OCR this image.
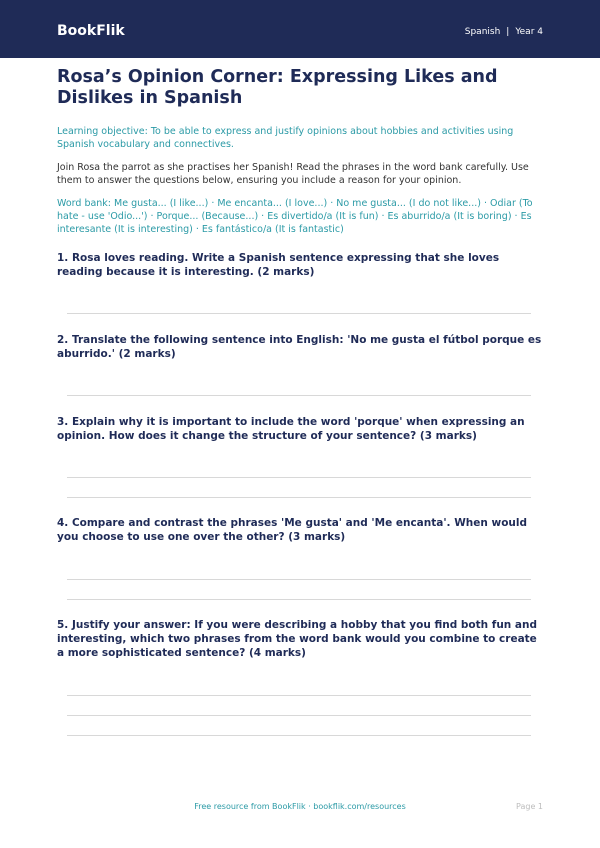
BookFlik	Spanish | Year 4
Rosa’s Opinion Corner: Expressing Likes and Dislikes in Spanish
Learning objective: To be able to express and justify opinions about hobbies and activities using Spanish vocabulary and connectives.
Join Rosa the parrot as she practises her Spanish! Read the phrases in the word bank carefully. Use them to answer the questions below, ensuring you include a reason for your opinion.
Word bank: Me gusta... (I like...) · Me encanta... (I love...) · No me gusta... (I do not like...) · Odiar (To hate - use 'Odio...') · Porque... (Because...) · Es divertido/a (It is fun) · Es aburrido/a (It is boring) · Es interesante (It is interesting) · Es fantástico/a (It is fantastic)
1. Rosa loves reading. Write a Spanish sentence expressing that she loves reading because it is interesting. (2 marks)
2. Translate the following sentence into English: 'No me gusta el fútbol porque es aburrido.' (2 marks)
3. Explain why it is important to include the word 'porque' when expressing an opinion. How does it change the structure of your sentence? (3 marks)
4. Compare and contrast the phrases 'Me gusta' and 'Me encanta'. When would you choose to use one over the other? (3 marks)
5. Justify your answer: If you were describing a hobby that you find both fun and interesting, which two phrases from the word bank would you combine to create a more sophisticated sentence? (4 marks)
Free resource from BookFlik · bookflik.com/resources	Page 1
